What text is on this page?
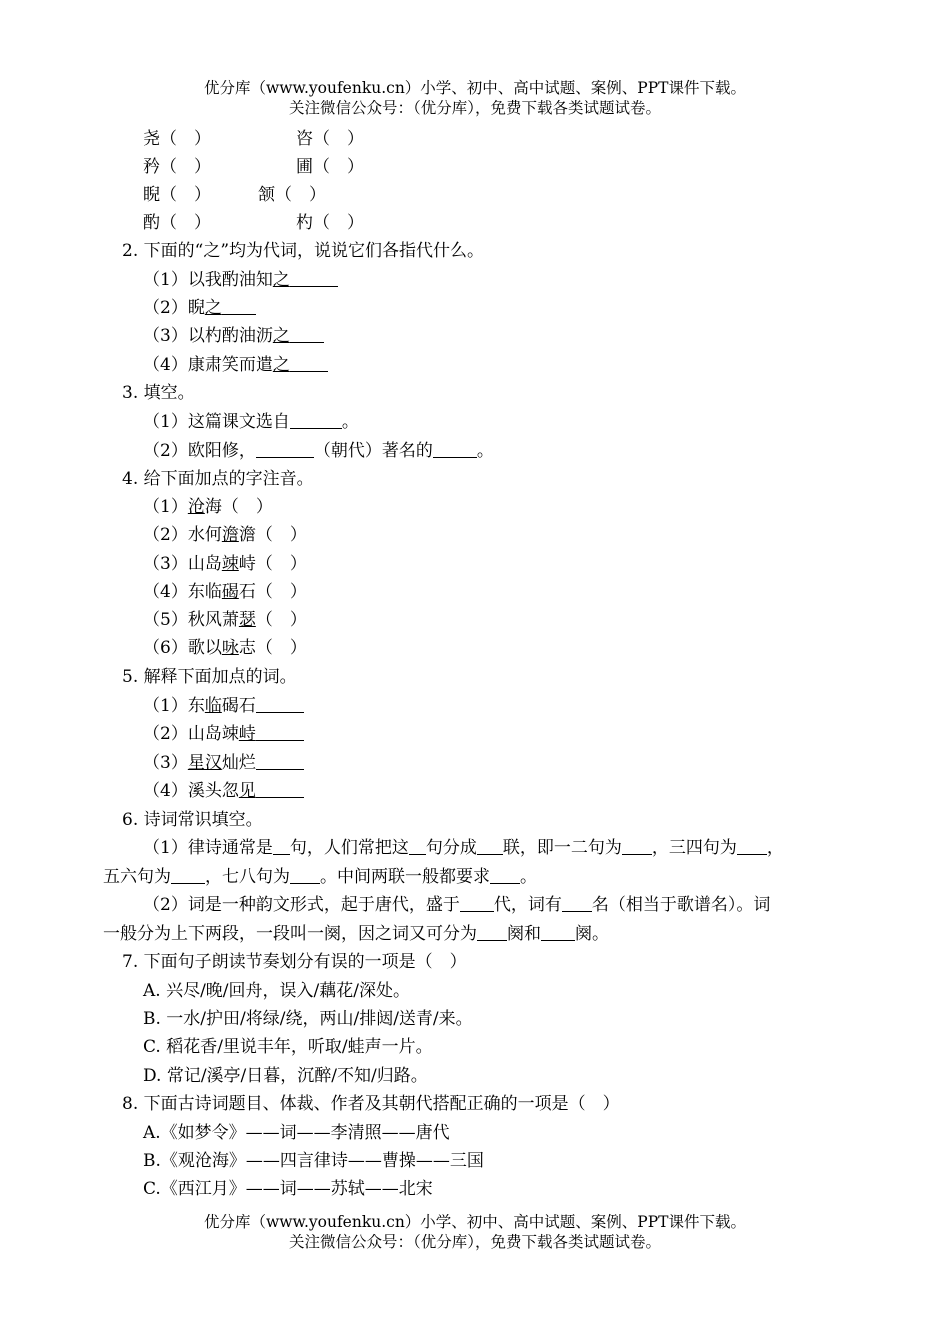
优分库（www.youfenku.cn）小学、初中、高中试题、案例、PPT课件下载。
关注微信公众号：（优分库），免费下载各类试题试卷。
尧（　）	咨（　）
矜（　）	圃（　）
睨（　）	颔（　）
酌（　）	杓（　）
2. 下面的“之”均为代词，说说它们各指代什么。
（1）以我酌油知之
（2）睨之
（3）以杓酌油沥之
（4）康肃笑而遣之
3. 填空。
（1）这篇课文选自	。
（2）欧阳修，	（朝代）著名的	。
4. 给下面加点的字注音。
（1）沧海（　）
（2）水何澹澹（　）
（3）山岛竦峙（　）
（4）东临碣石（　）
（5）秋风萧瑟（　）
（6）歌以咏志（　）
5. 解释下面加点的词。
（1）东临碣石
（2）山岛竦峙
（3）星汉灿烂
（4）溪头忽见
6. 诗词常识填空。
（1）律诗通常是 句，人们常把这 句分成 联，即一二句为 ，三四句为 ，
五六句为 ，七八句为 。中间两联一般都要求 。
（2）词是一种韵文形式，起于唐代，盛于 代，词有 名（相当于歌谱名）。词
一般分为上下两段，一段叫一阕，因之词又可分为 阕和 阕。
7. 下面句子朗读节奏划分有误的一项是（　）
A. 兴尽/晚/回舟，误入/藕花/深处。
B. 一水/护田/将绿/绕，两山/排闼/送青/来。
C. 稻花香/里说丰年，听取/蛙声一片。
D. 常记/溪亭/日暮，沉醉/不知/归路。
8. 下面古诗词题目、体裁、作者及其朝代搭配正确的一项是（　）
A.《如梦令》——词——李清照——唐代
B.《观沧海》——四言律诗——曹操——三国
C.《西江月》——词——苏轼——北宋
优分库（www.youfenku.cn）小学、初中、高中试题、案例、PPT课件下载。
关注微信公众号：（优分库），免费下载各类试题试卷。
